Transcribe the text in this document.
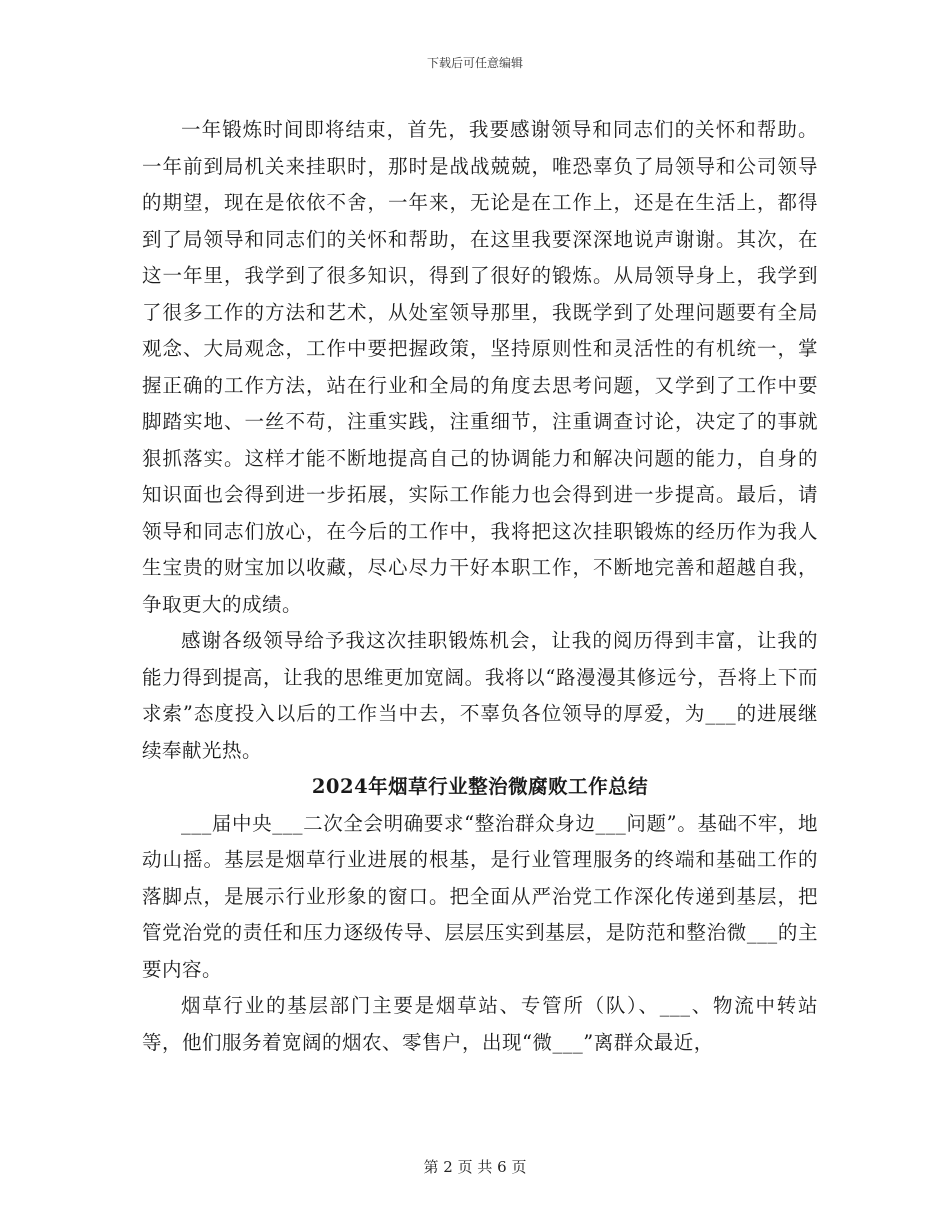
下载后可任意编辑

一年锻炼时间即将结束，首先，我要感谢领导和同志们的关怀和帮助。一年前到局机关来挂职时，那时是战战兢兢，唯恐辜负了局领导和公司领导的期望，现在是依依不舍，一年来，无论是在工作上，还是在生活上，都得到了局领导和同志们的关怀和帮助，在这里我要深深地说声谢谢。其次，在这一年里，我学到了很多知识，得到了很好的锻炼。从局领导身上，我学到了很多工作的方法和艺术，从处室领导那里，我既学到了处理问题要有全局观念、大局观念，工作中要把握政策，坚持原则性和灵活性的有机统一，掌握正确的工作方法，站在行业和全局的角度去思考问题，又学到了工作中要脚踏实地、一丝不苟，注重实践，注重细节，注重调查讨论，决定了的事就狠抓落实。这样才能不断地提高自己的协调能力和解决问题的能力，自身的知识面也会得到进一步拓展，实际工作能力也会得到进一步提高。最后，请领导和同志们放心，在今后的工作中，我将把这次挂职锻炼的经历作为我人生宝贵的财宝加以收藏，尽心尽力干好本职工作，不断地完善和超越自我，争取更大的成绩。

感谢各级领导给予我这次挂职锻炼机会，让我的阅历得到丰富，让我的能力得到提高，让我的思维更加宽阔。我将以“路漫漫其修远兮，吾将上下而求索”态度投入以后的工作当中去，不辜负各位领导的厚爱，为___的进展继续奉献光热。

2024年烟草行业整治微腐败工作总结

___届中央___二次全会明确要求“整治群众身边___问题”。基础不牢，地动山摇。基层是烟草行业进展的根基，是行业管理服务的终端和基础工作的落脚点，是展示行业形象的窗口。把全面从严治党工作深化传递到基层，把管党治党的责任和压力逐级传导、层层压实到基层，是防范和整治微___的主要内容。

烟草行业的基层部门主要是烟草站、专管所（队）、___、物流中转站等，他们服务着宽阔的烟农、零售户，出现“微___”离群众最近，

第 2 页 共 6 页
